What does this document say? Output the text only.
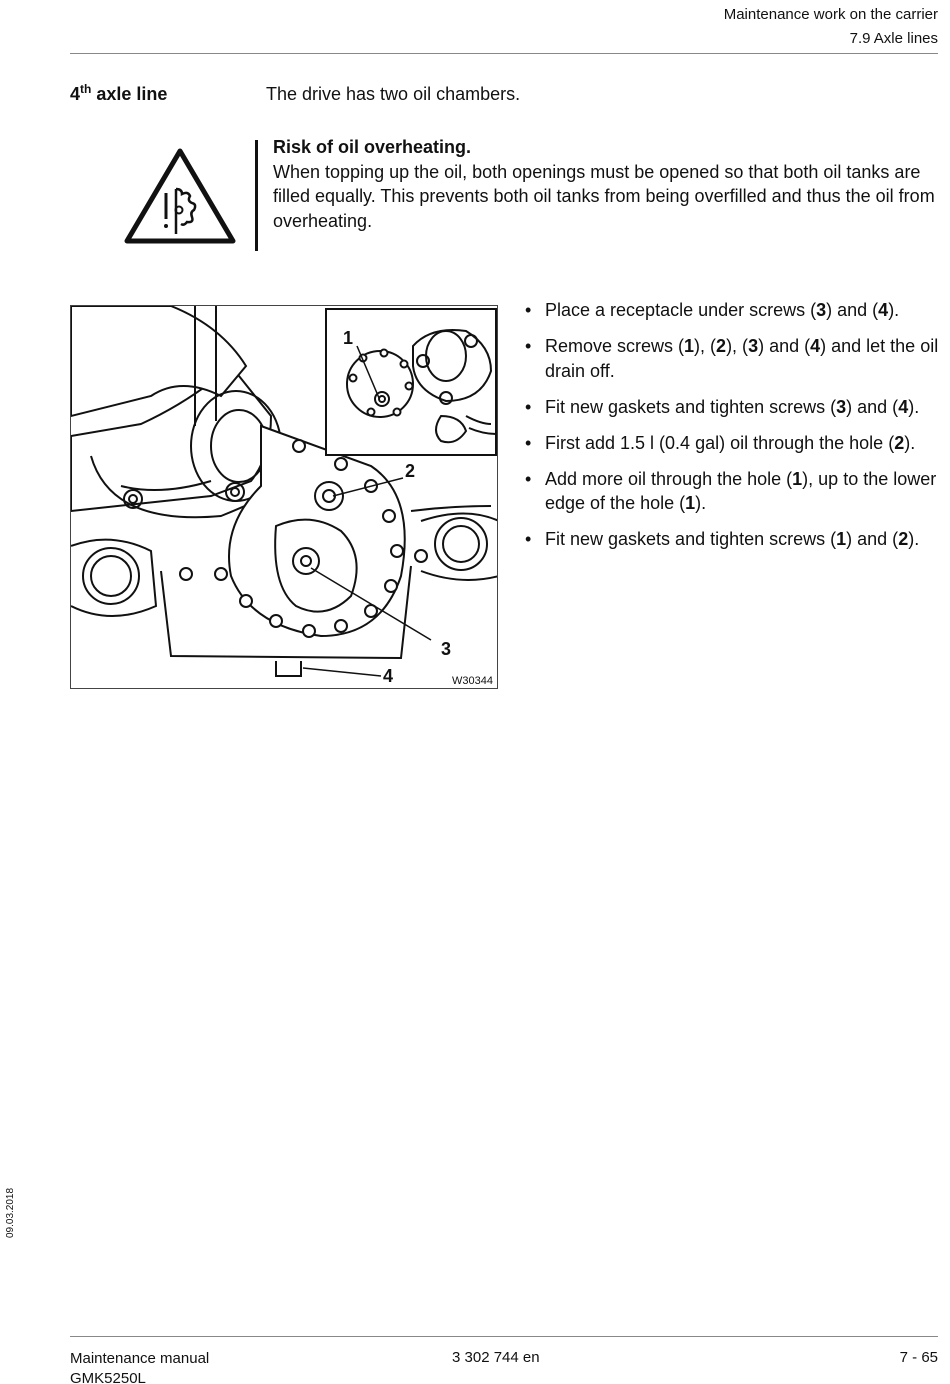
Maintenance work on the carrier
7.9 Axle lines
4th axle line	The drive has two oil chambers.
Risk of oil overheating.
When topping up the oil, both openings must be opened so that both oil tanks are filled equally. This prevents both oil tanks from being overfilled and thus the oil from overheating.
1
2
3
4	W30344
• Place a receptacle under screws (3) and (4).
• Remove screws (1), (2), (3) and (4) and let the oil drain off.
• Fit new gaskets and tighten screws (3) and (4).
• First add 1.5 l (0.4 gal) oil through the hole (2).
• Add more oil through the hole (1), up to the lower edge of the hole (1).
• Fit new gaskets and tighten screws (1) and (2).
09.03.2018
Maintenance manual
GMK5250L
3 302 744 en	7 - 65
